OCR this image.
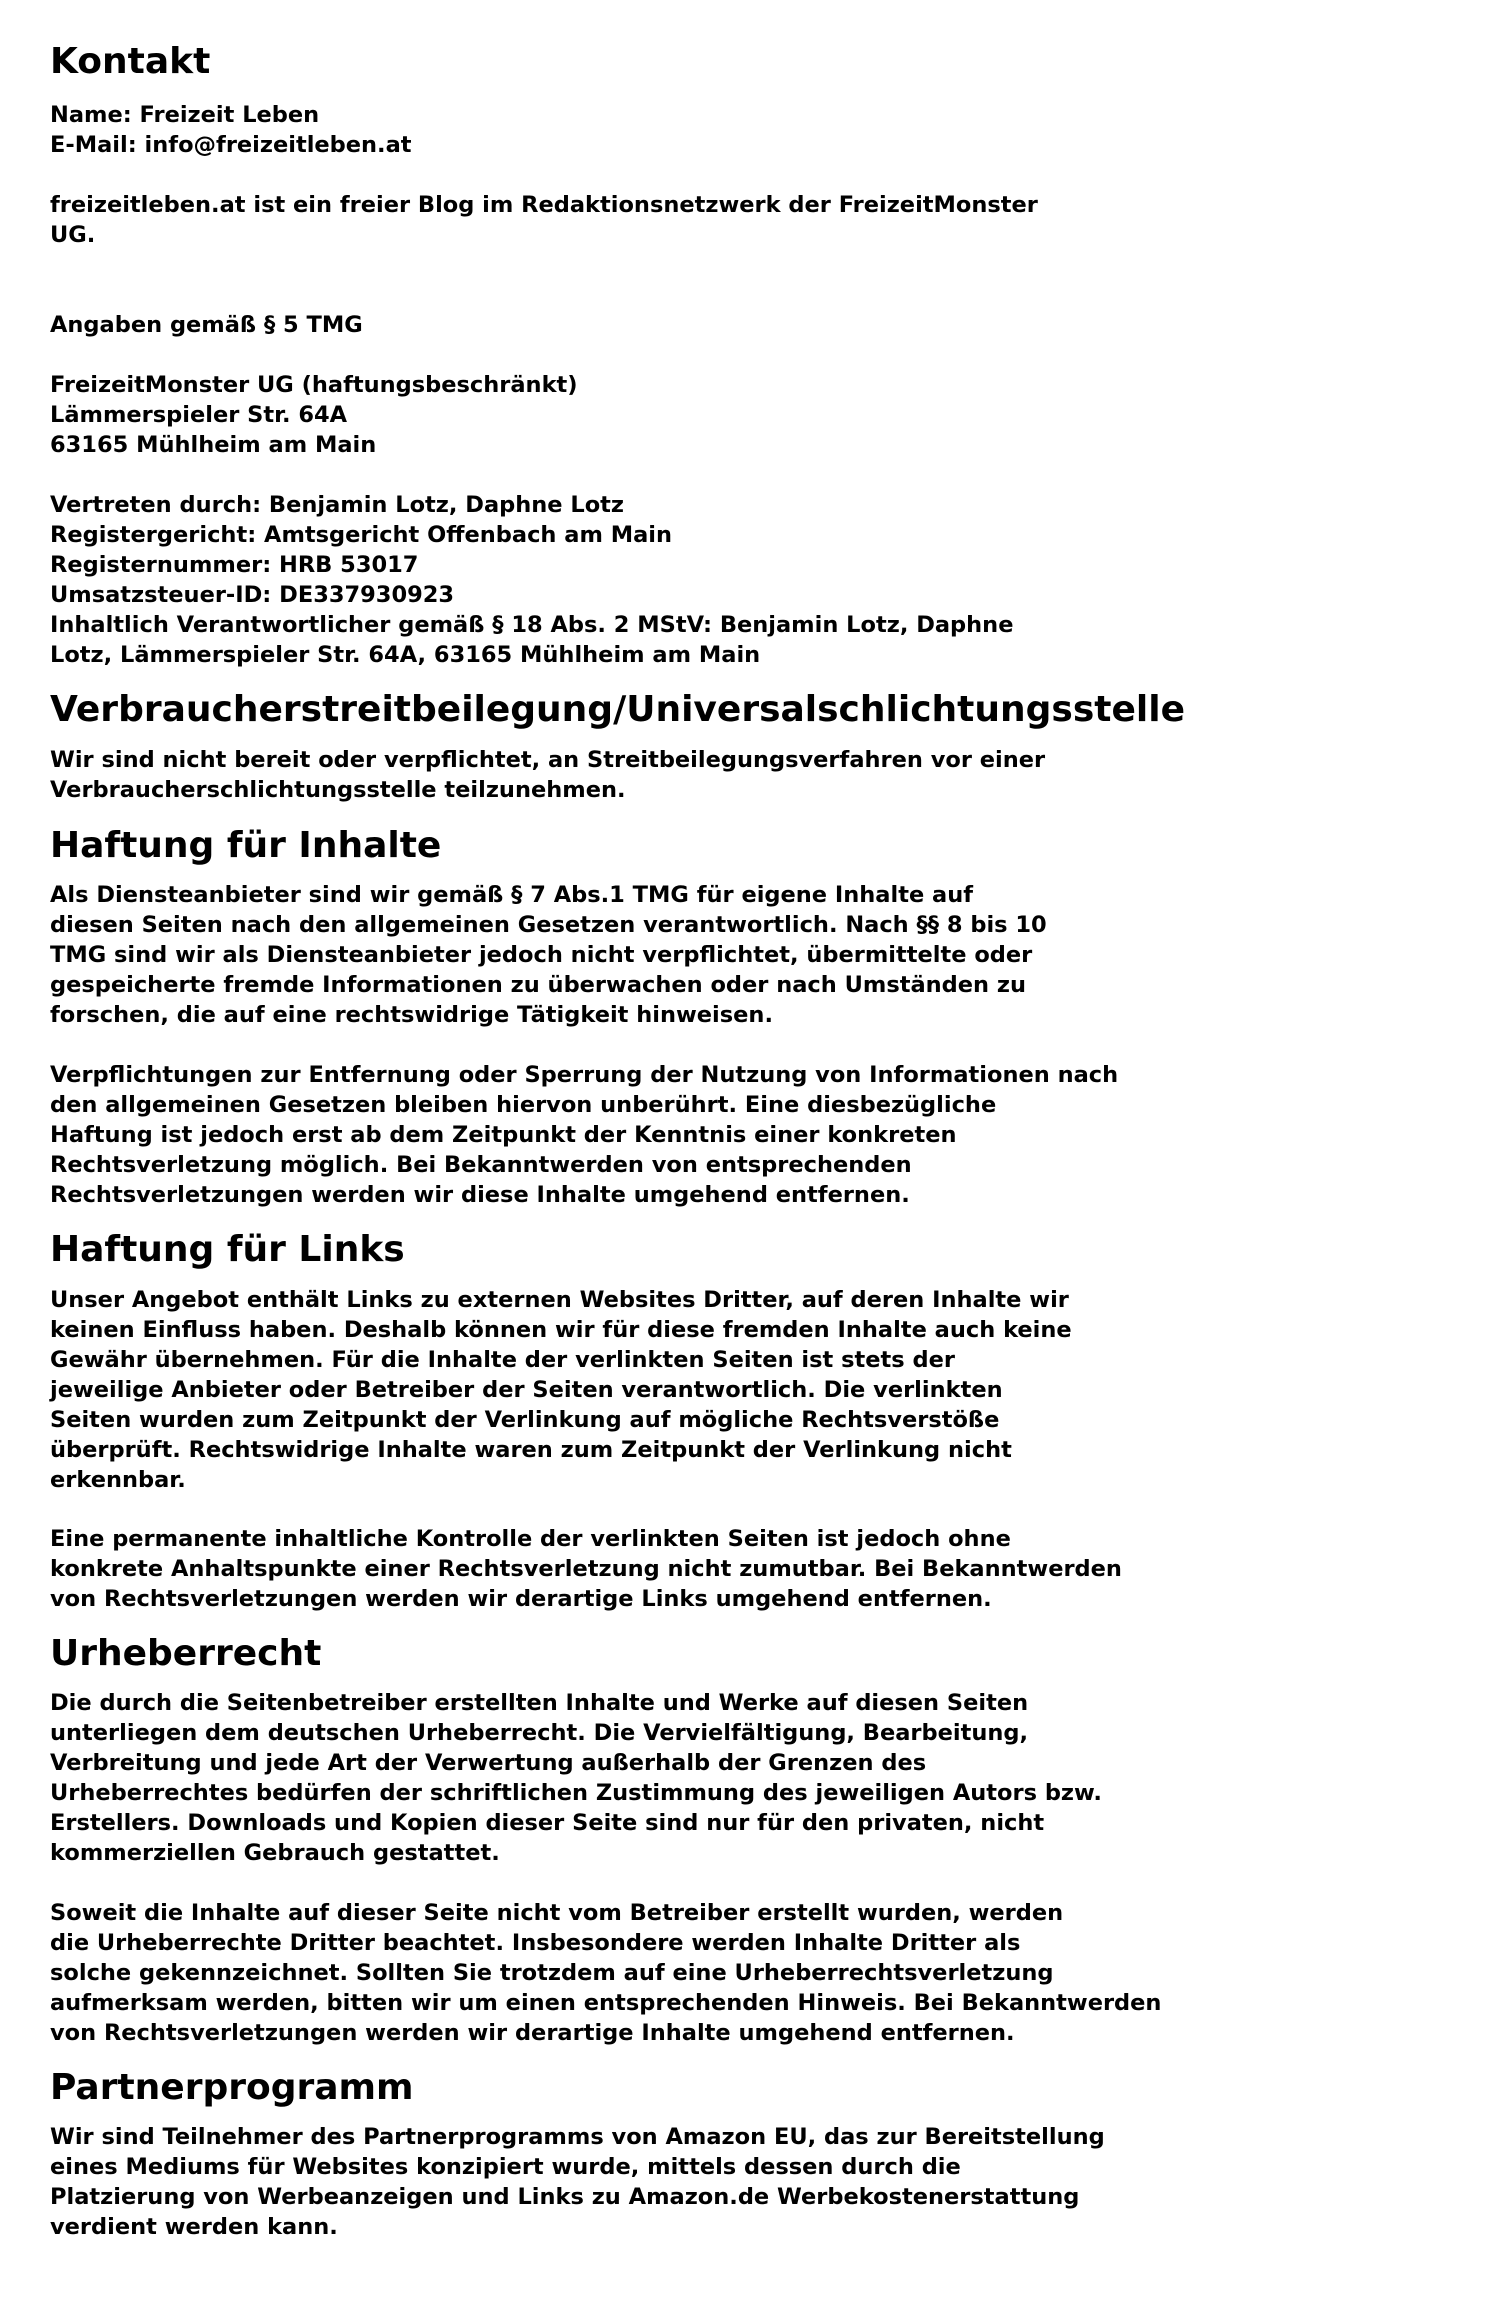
Kontakt
Name: Freizeit Leben
E-Mail: info@freizeitleben.at
freizeitleben.at ist ein freier Blog im Redaktionsnetzwerk der FreizeitMonster
UG.
Angaben gemäß § 5 TMG
FreizeitMonster UG (haftungsbeschränkt)
Lämmerspieler Str. 64A
63165 Mühlheim am Main
Vertreten durch: Benjamin Lotz, Daphne Lotz
Registergericht: Amtsgericht Offenbach am Main
Registernummer: HRB 53017
Umsatzsteuer-ID: DE337930923
Inhaltlich Verantwortlicher gemäß § 18 Abs. 2 MStV: Benjamin Lotz, Daphne
Lotz, Lämmerspieler Str. 64A, 63165 Mühlheim am Main
Verbraucherstreitbeilegung/Universalschlichtungsstelle
Wir sind nicht bereit oder verpflichtet, an Streitbeilegungsverfahren vor einer
Verbraucherschlichtungsstelle teilzunehmen.
Haftung für Inhalte
Als Diensteanbieter sind wir gemäß § 7 Abs.1 TMG für eigene Inhalte auf
diesen Seiten nach den allgemeinen Gesetzen verantwortlich. Nach §§ 8 bis 10
TMG sind wir als Diensteanbieter jedoch nicht verpflichtet, übermittelte oder
gespeicherte fremde Informationen zu überwachen oder nach Umständen zu
forschen, die auf eine rechtswidrige Tätigkeit hinweisen.
Verpflichtungen zur Entfernung oder Sperrung der Nutzung von Informationen nach
den allgemeinen Gesetzen bleiben hiervon unberührt. Eine diesbezügliche
Haftung ist jedoch erst ab dem Zeitpunkt der Kenntnis einer konkreten
Rechtsverletzung möglich. Bei Bekanntwerden von entsprechenden
Rechtsverletzungen werden wir diese Inhalte umgehend entfernen.
Haftung für Links
Unser Angebot enthält Links zu externen Websites Dritter, auf deren Inhalte wir
keinen Einfluss haben. Deshalb können wir für diese fremden Inhalte auch keine
Gewähr übernehmen. Für die Inhalte der verlinkten Seiten ist stets der
jeweilige Anbieter oder Betreiber der Seiten verantwortlich. Die verlinkten
Seiten wurden zum Zeitpunkt der Verlinkung auf mögliche Rechtsverstöße
überprüft. Rechtswidrige Inhalte waren zum Zeitpunkt der Verlinkung nicht
erkennbar.
Eine permanente inhaltliche Kontrolle der verlinkten Seiten ist jedoch ohne
konkrete Anhaltspunkte einer Rechtsverletzung nicht zumutbar. Bei Bekanntwerden
von Rechtsverletzungen werden wir derartige Links umgehend entfernen.
Urheberrecht
Die durch die Seitenbetreiber erstellten Inhalte und Werke auf diesen Seiten
unterliegen dem deutschen Urheberrecht. Die Vervielfältigung, Bearbeitung,
Verbreitung und jede Art der Verwertung außerhalb der Grenzen des
Urheberrechtes bedürfen der schriftlichen Zustimmung des jeweiligen Autors bzw.
Erstellers. Downloads und Kopien dieser Seite sind nur für den privaten, nicht
kommerziellen Gebrauch gestattet.
Soweit die Inhalte auf dieser Seite nicht vom Betreiber erstellt wurden, werden
die Urheberrechte Dritter beachtet. Insbesondere werden Inhalte Dritter als
solche gekennzeichnet. Sollten Sie trotzdem auf eine Urheberrechtsverletzung
aufmerksam werden, bitten wir um einen entsprechenden Hinweis. Bei Bekanntwerden
von Rechtsverletzungen werden wir derartige Inhalte umgehend entfernen.
Partnerprogramm
Wir sind Teilnehmer des Partnerprogramms von Amazon EU, das zur Bereitstellung
eines Mediums für Websites konzipiert wurde, mittels dessen durch die
Platzierung von Werbeanzeigen und Links zu Amazon.de Werbekostenerstattung
verdient werden kann.
